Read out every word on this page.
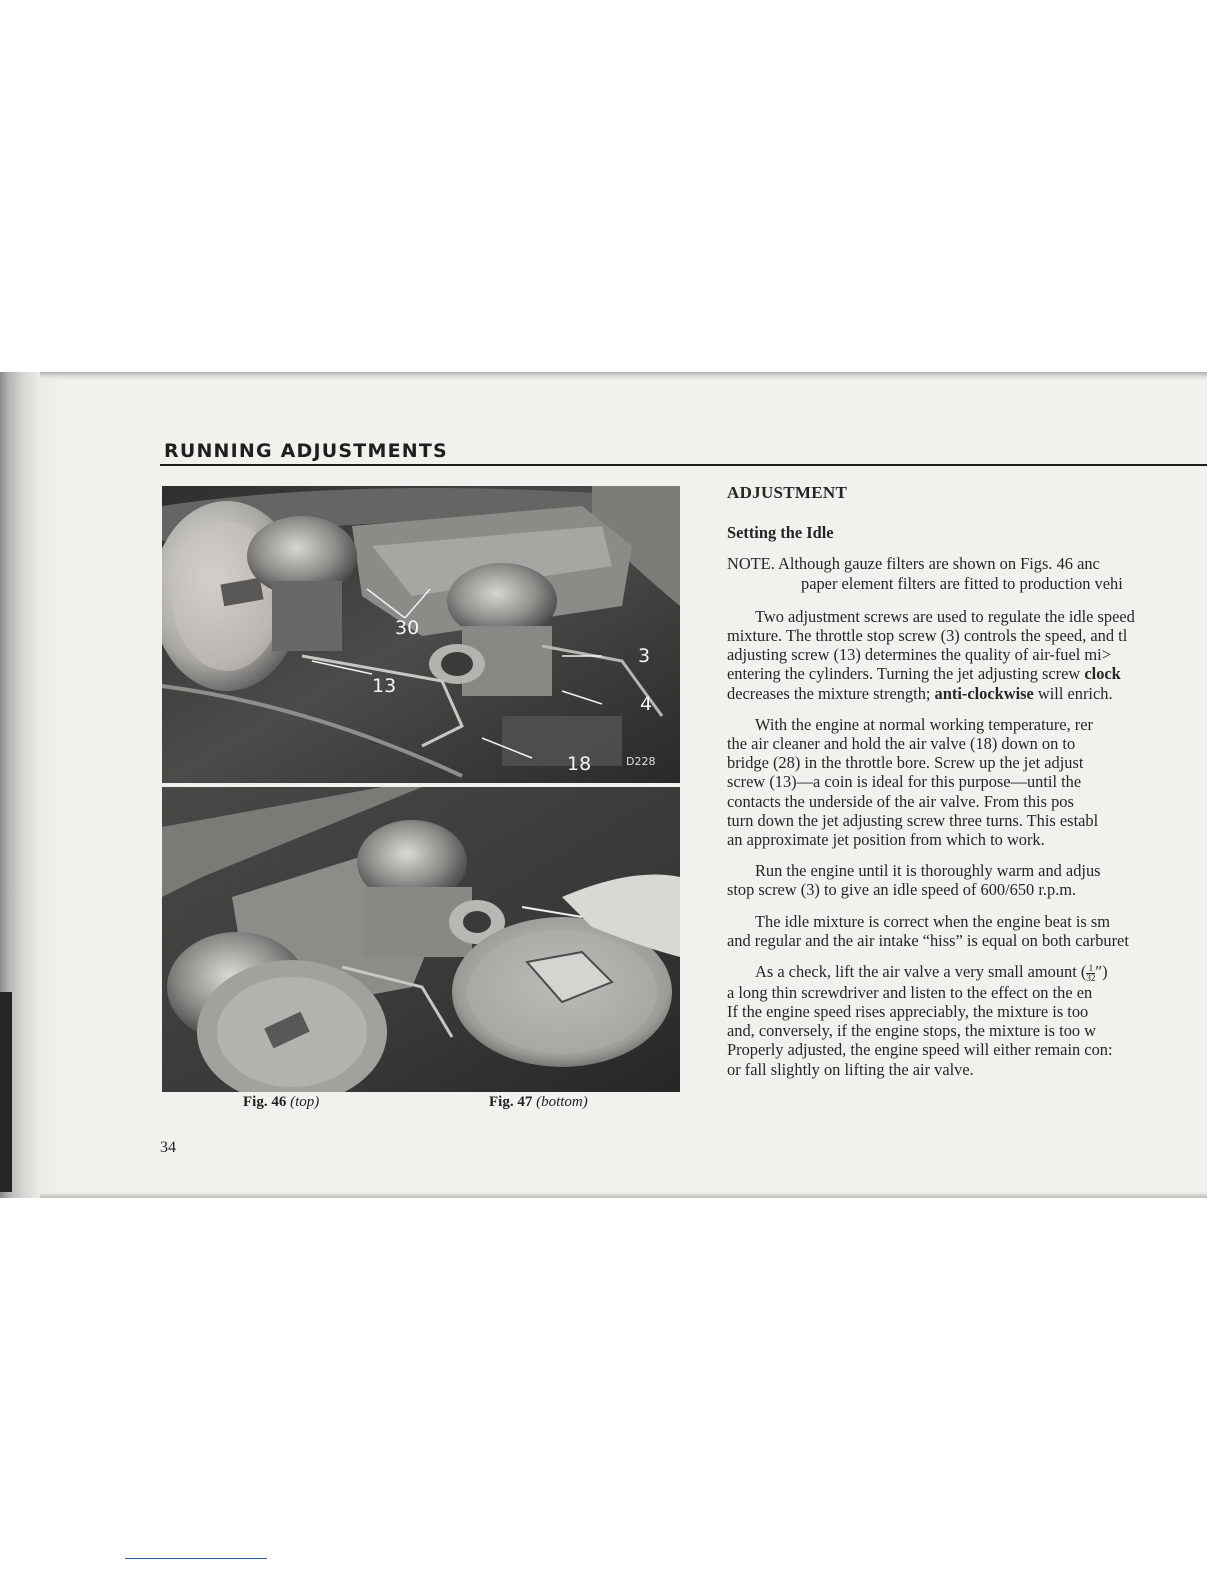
RUNNING ADJUSTMENTS
30
3
4
13
18	D228
Fig. 46 (top)	Fig. 47 (bottom)
34

ADJUSTMENT

Setting the Idle

NOTE. Although gauze filters are shown on Figs. 46 anc

paper element filters are fitted to production vehi

Two adjustment screws are used to regulate the idle speed

mixture. The throttle stop screw (3) controls the speed, and tl

adjusting screw (13) determines the quality of air-fuel mi>

entering the cylinders. Turning the jet adjusting screw clock

decreases the mixture strength; anti-clockwise will enrich.

With the engine at normal working temperature, rer

the air cleaner and hold the air valve (18) down on to

bridge (28) in the throttle bore. Screw up the jet adjust

screw (13)—a coin is ideal for this purpose—until the

contacts the underside of the air valve. From this pos

turn down the jet adjusting screw three turns. This establ

an approximate jet position from which to work.

Run the engine until it is thoroughly warm and adjus

stop screw (3) to give an idle speed of 600/650 r.p.m.

The idle mixture is correct when the engine beat is sm

and regular and the air intake “hiss” is equal on both carburet

As a check, lift the air valve a very small amount ( $\frac{1}{32}$ ″)

a long thin screwdriver and listen to the effect on the en

If the engine speed rises appreciably, the mixture is too

and, conversely, if the engine stops, the mixture is too w

Properly adjusted, the engine speed will either remain con:

or fall slightly on lifting the air valve.
